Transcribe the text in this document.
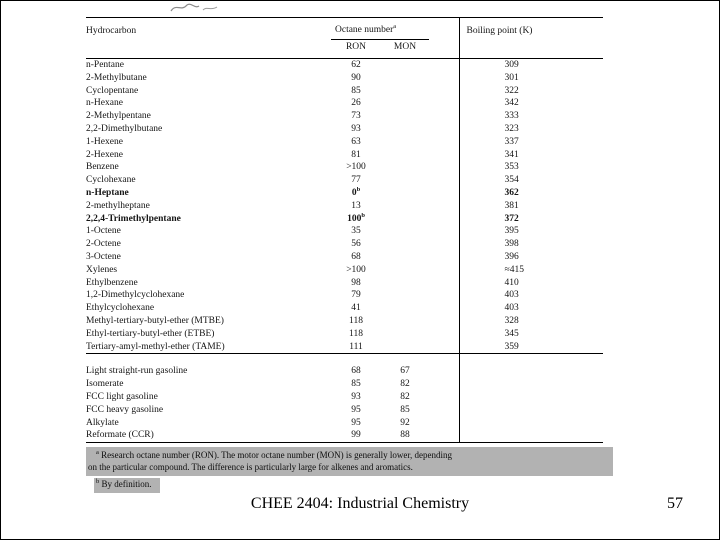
Hydrocarbon	Octane number$^a$			Boiling point (K)
	RON	MON		
n-Pentane	62			309
2-Methylbutane	90			301
Cyclopentane	85			322
n-Hexane	26			342
2-Methylpentane	73			333
2,2-Dimethylbutane	93			323
1-Hexene	63			337
2-Hexene	81			341
Benzene	>100			353
Cyclohexane	77			354
n-Heptane	0$^b$			362
2-methylheptane	13			381
2,2,4-Trimethylpentane	100$^b$			372
1-Octene	35			395
2-Octene	56			398
3-Octene	68			396
Xylenes	>100			≈415
Ethylbenzene	98			410
1,2-Dimethylcyclohexane	79			403
Ethylcyclohexane	41			403
Methyl-tertiary-butyl-ether (MTBE)	118			328
Ethyl-tertiary-butyl-ether (ETBE)	118			345
Tertiary-amyl-methyl-ether (TAME)	111			359
Light straight-run gasoline	68	67		
Isomerate	85	82		
FCC light gasoline	93	82		
FCC heavy gasoline	95	85		
Alkylate	95	92		
Reformate (CCR)	99	88		
$^a$ Research octane number (RON). The motor octane number (MON) is generally lower, depending
on the particular compound. The difference is particularly large for alkenes and aromatics.
$^b$ By definition.
CHEE 2404: Industrial Chemistry	57
